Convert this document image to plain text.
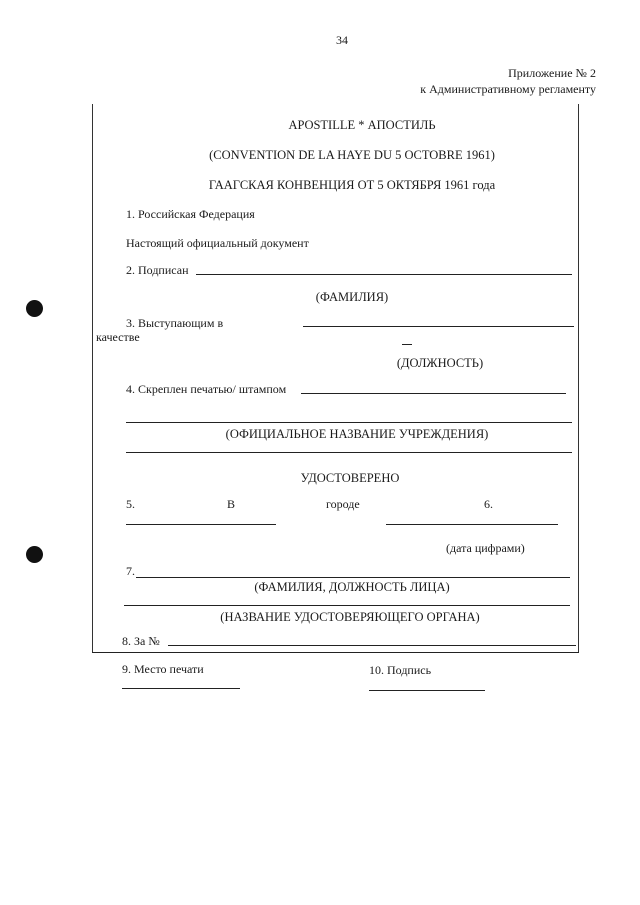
34
Приложение № 2
к Административному регламенту
APOSTILLE * АПОСТИЛЬ
(CONVENTION DE LA HAYE DU 5 OCTOBRE 1961)
ГААГСКАЯ КОНВЕНЦИЯ ОТ 5 ОКТЯБРЯ 1961 года
1. Российская Федерация
Настоящий официальный документ
2. Подписан
(ФАМИЛИЯ)
3. Выступающим в
качестве
(ДОЛЖНОСТЬ)
4. Скреплен печатью/ штампом
(ОФИЦИАЛЬНОЕ НАЗВАНИЕ УЧРЕЖДЕНИЯ)
УДОСТОВЕРЕНО
5.	В	городе	6.
(дата цифрами)
7.
(ФАМИЛИЯ, ДОЛЖНОСТЬ ЛИЦА)
(НАЗВАНИЕ УДОСТОВЕРЯЮЩЕГО ОРГАНА)
8. За №
9. Место печати	10. Подпись
